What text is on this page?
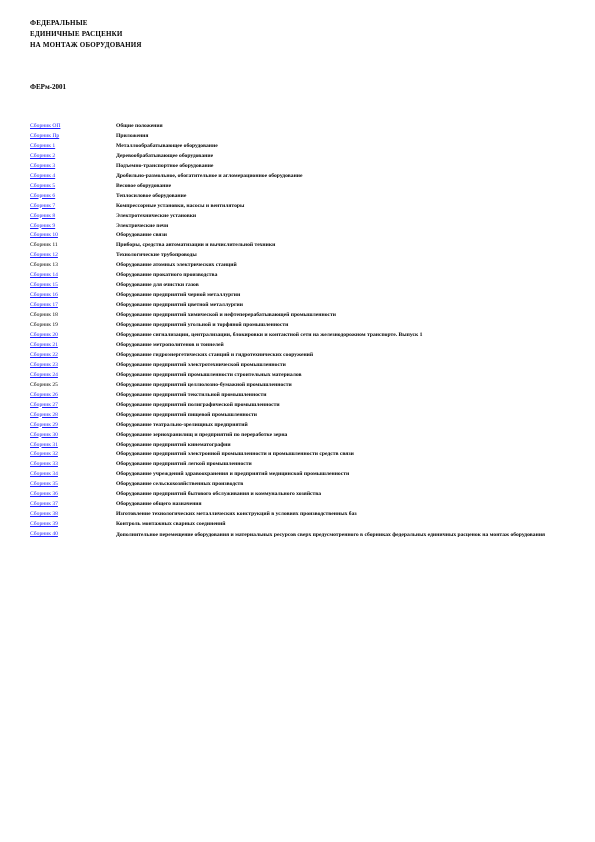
ФЕДЕРАЛЬНЫЕ
ЕДИНИЧНЫЕ РАСЦЕНКИ
НА МОНТАЖ ОБОРУДОВАНИЯ
ФЕРм-2001
Сборник ОП	Общие положения
Сборник Пр	Приложения
Сборник 1	Металлообрабатывающее оборудование
Сборник 2	Деревообрабатывающее оборудование
Сборник 3	Подъемно-транспортное оборудование
Сборник 4	Дробильно-размольное, обогатительное и агломерационное оборудование
Сборник 5	Весовое оборудование
Сборник 6	Теплосиловое оборудование
Сборник 7	Компрессорные установки, насосы и вентиляторы
Сборник 8	Электротехнические установки
Сборник 9	Электрические печи
Сборник 10	Оборудование связи
Сборник 11	Приборы, средства автоматизации и вычислительной техники
Сборник 12	Технологические трубопроводы
Сборник 13	Оборудование атомных электрических станций
Сборник 14	Оборудование прокатного производства
Сборник 15	Оборудование для очистки газов
Сборник 16	Оборудование предприятий черной металлургии
Сборник 17	Оборудование предприятий цветной металлургии
Сборник 18	Оборудование предприятий химической и нефтеперерабатывающей промышленности
Сборник 19	Оборудование предприятий угольной и торфяной промышленности
Сборник 20	Оборудование сигнализации, централизации, блокировки и контактной сети на железнодорожном транспорте. Выпуск 1
Сборник 21	Оборудование метрополитенов и тоннелей
Сборник 22	Оборудование гидроэнергетических станций и гидротехнических сооружений
Сборник 23	Оборудование предприятий электротехнической промышленности
Сборник 24	Оборудование предприятий промышленности строительных материалов
Сборник 25	Оборудование предприятий целлюлозно-бумажной промышленности
Сборник 26	Оборудование предприятий текстильной промышленности
Сборник 27	Оборудование предприятий полиграфической промышленности
Сборник 28	Оборудование предприятий пищевой промышленности
Сборник 29	Оборудование театрально-зрелищных предприятий
Сборник 30	Оборудование зернохранилищ и предприятий по переработке зерна
Сборник 31	Оборудование предприятий кинематографии
Сборник 32	Оборудование предприятий электронной промышленности и промышленности средств связи
Сборник 33	Оборудование предприятий легкой промышленности
Сборник 34	Оборудование учреждений здравоохранения и предприятий медицинской промышленности
Сборник 35	Оборудование сельскохозяйственных производств
Сборник 36	Оборудование предприятий бытового обслуживания и коммунального хозяйства
Сборник 37	Оборудование общего назначения
Сборник 38	Изготовление технологических металлических конструкций в условиях производственных баз
Сборник 39	Контроль монтажных сварных соединений
Сборник 40	Дополнительное перемещение оборудования и материальных ресурсов сверх предусмотренного в сборниках федеральных единичных расценок на монтаж оборудования
